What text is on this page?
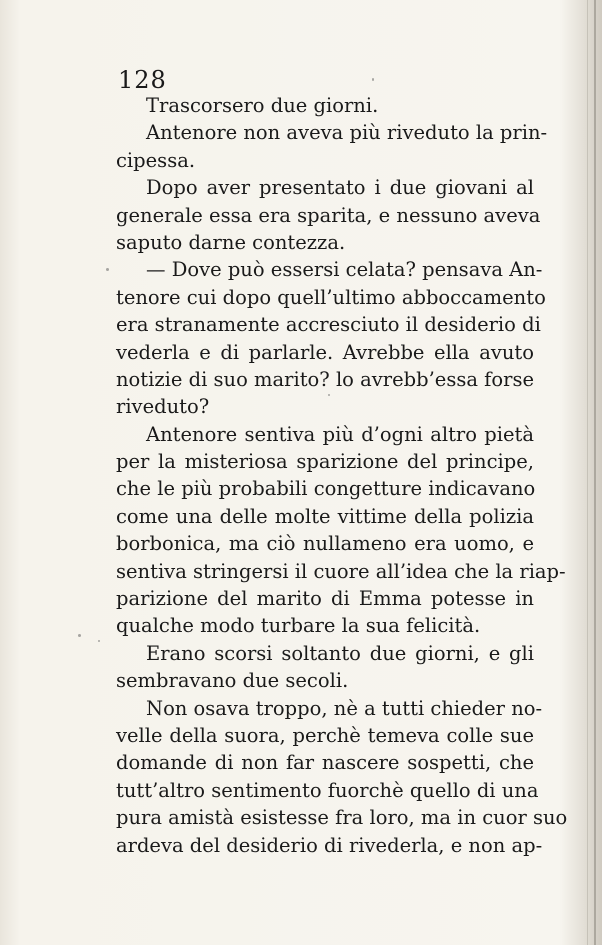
128
Trascorsero due giorni.
Antenore non aveva più riveduto la prin-
cipessa.
Dopo aver presentato i due giovani al
generale essa era sparita, e nessuno aveva
saputo darne contezza.
— Dove può essersi celata? pensava An-
tenore cui dopo quell’ultimo abboccamento
era stranamente accresciuto il desiderio di
vederla e di parlarle. Avrebbe ella avuto
notizie di suo marito? lo avrebb’essa forse
riveduto?
Antenore sentiva più d’ogni altro pietà
per la misteriosa sparizione del principe,
che le più probabili congetture indicavano
come una delle molte vittime della polizia
borbonica, ma ciò nullameno era uomo, e
sentiva stringersi il cuore all’idea che la riap-
parizione del marito di Emma potesse in
qualche modo turbare la sua felicità.
Erano scorsi soltanto due giorni, e gli
sembravano due secoli.
Non osava troppo, nè a tutti chieder no-
velle della suora, perchè temeva colle sue
domande di non far nascere sospetti, che
tutt’altro sentimento fuorchè quello di una
pura amistà esistesse fra loro, ma in cuor suo
ardeva del desiderio di rivederla, e non ap-
